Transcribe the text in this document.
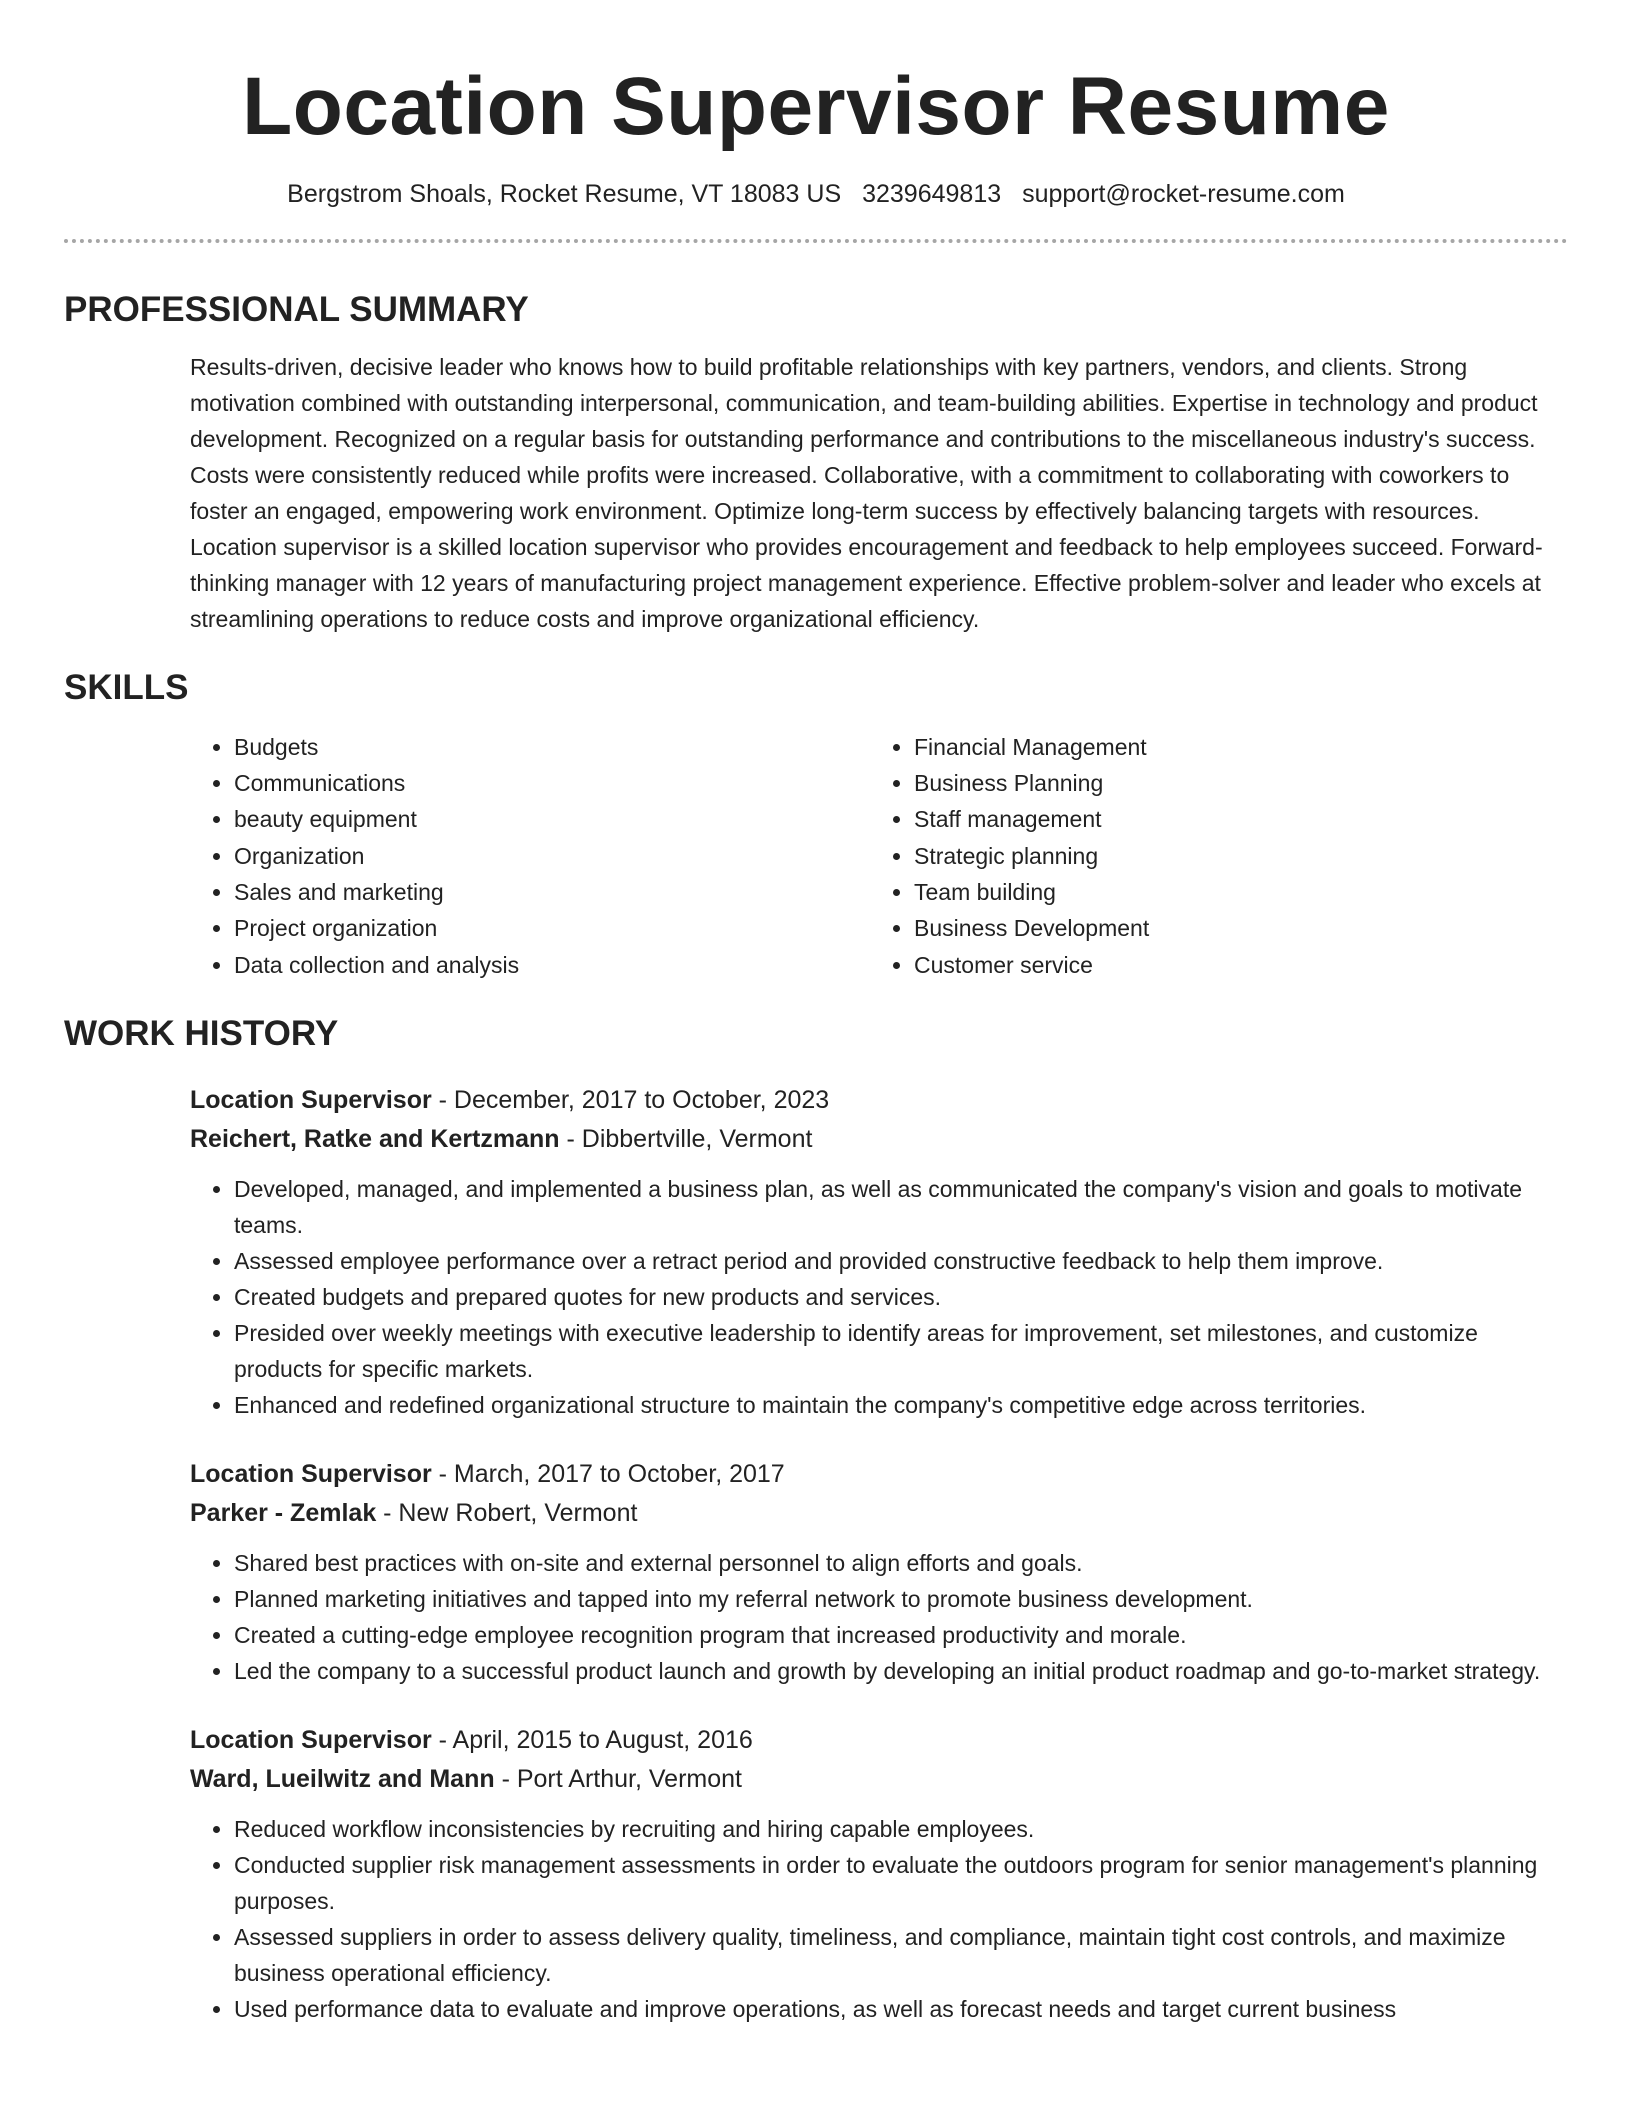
Location Supervisor Resume
Bergstrom Shoals, Rocket Resume, VT 18083 US 3239649813 support@rocket-resume.com
PROFESSIONAL SUMMARY

Results-driven, decisive leader who knows how to build profitable relationships with key partners, vendors, and clients. Strong motivation combined with outstanding interpersonal, communication, and team-building abilities. Expertise in technology and product development. Recognized on a regular basis for outstanding performance and contributions to the miscellaneous industry's success. Costs were consistently reduced while profits were increased. Collaborative, with a commitment to collaborating with coworkers to foster an engaged, empowering work environment. Optimize long-term success by effectively balancing targets with resources. Location supervisor is a skilled location supervisor who provides encouragement and feedback to help employees succeed. Forward-thinking manager with 12 years of manufacturing project management experience. Effective problem-solver and leader who excels at streamlining operations to reduce costs and improve organizational efficiency.

SKILLS
• Budgets
• Communications
• beauty equipment
• Organization
• Sales and marketing
• Project organization
• Data collection and analysis
• Financial Management
• Business Planning
• Staff management
• Strategic planning
• Team building
• Business Development
• Customer service
WORK HISTORY
Location Supervisor - December, 2017 to October, 2023
Reichert, Ratke and Kertzmann - Dibbertville, Vermont
• Developed, managed, and implemented a business plan, as well as communicated the company's vision and goals to motivate teams.
• Assessed employee performance over a retract period and provided constructive feedback to help them improve.
• Created budgets and prepared quotes for new products and services.
• Presided over weekly meetings with executive leadership to identify areas for improvement, set milestones, and customize products for specific markets.
• Enhanced and redefined organizational structure to maintain the company's competitive edge across territories.
Location Supervisor - March, 2017 to October, 2017
Parker - Zemlak - New Robert, Vermont
• Shared best practices with on-site and external personnel to align efforts and goals.
• Planned marketing initiatives and tapped into my referral network to promote business development.
• Created a cutting-edge employee recognition program that increased productivity and morale.
• Led the company to a successful product launch and growth by developing an initial product roadmap and go-to-market strategy.
Location Supervisor - April, 2015 to August, 2016
Ward, Lueilwitz and Mann - Port Arthur, Vermont
• Reduced workflow inconsistencies by recruiting and hiring capable employees.
• Conducted supplier risk management assessments in order to evaluate the outdoors program for senior management's planning purposes.
• Assessed suppliers in order to assess delivery quality, timeliness, and compliance, maintain tight cost controls, and maximize business operational efficiency.
• Used performance data to evaluate and improve operations, as well as forecast needs and target current business
